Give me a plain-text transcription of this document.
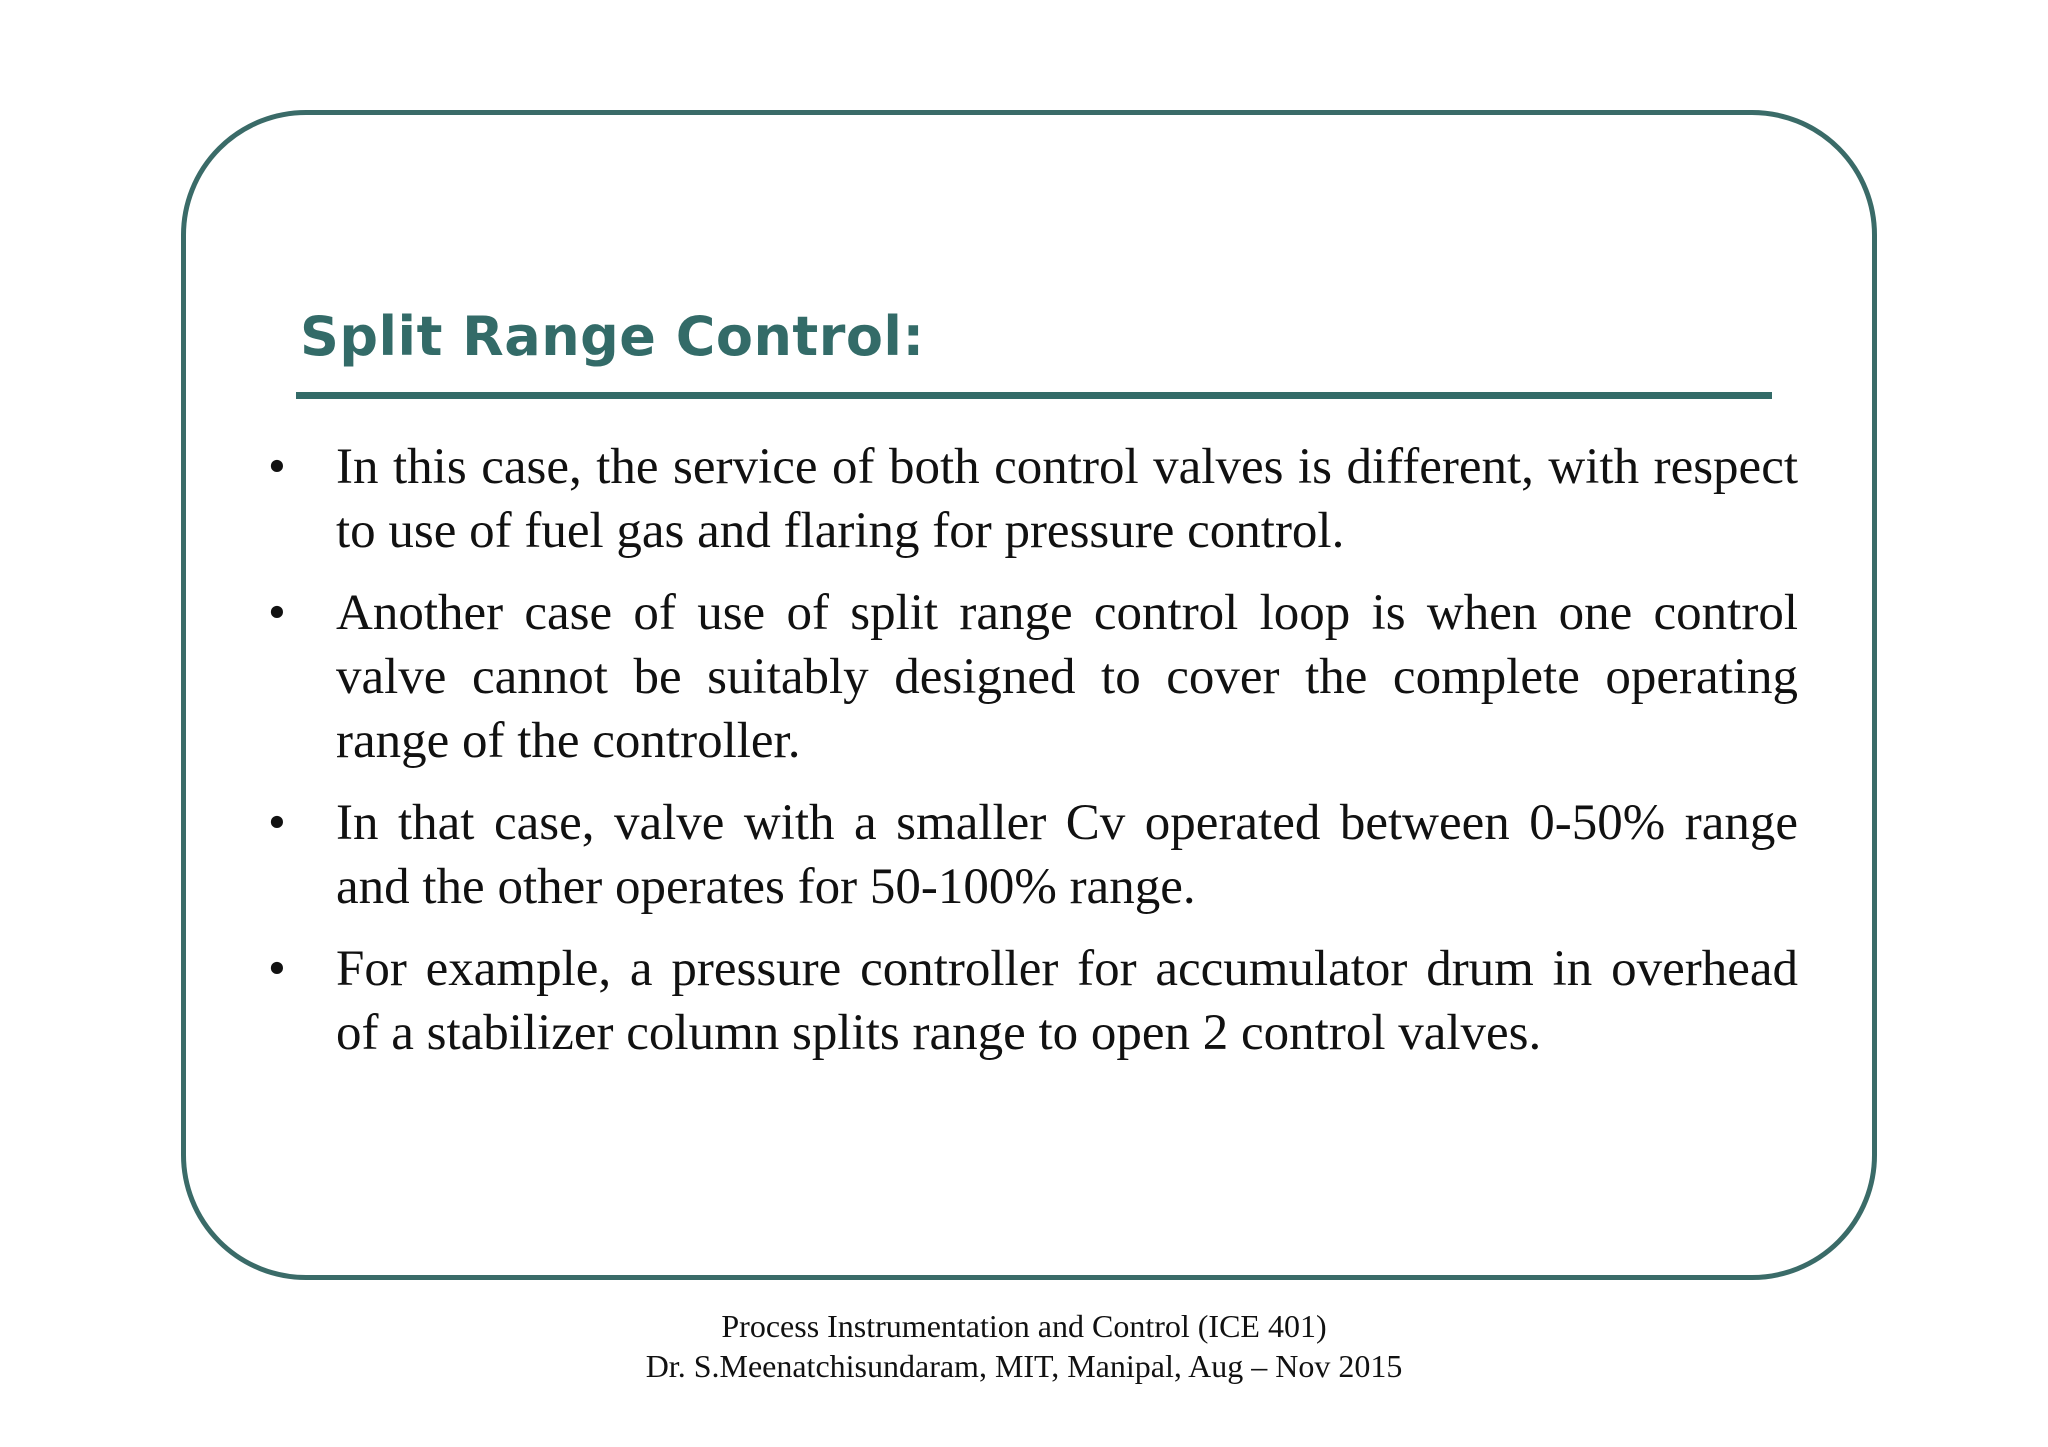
Split Range Control:
• In this case, the service of both control valves is different, with respect to use of fuel gas and flaring for pressure control.
• Another case of use of split range control loop is when one control valve cannot be suitably designed to cover the complete operating range of the controller.
• In that case, valve with a smaller Cv operated between 0-50% range and the other operates for 50-100% range.
• For example, a pressure controller for accumulator drum in overhead of a stabilizer column splits range to open 2 control valves.
Process Instrumentation and Control (ICE 401)
Dr. S.Meenatchisundaram, MIT, Manipal, Aug – Nov 2015
